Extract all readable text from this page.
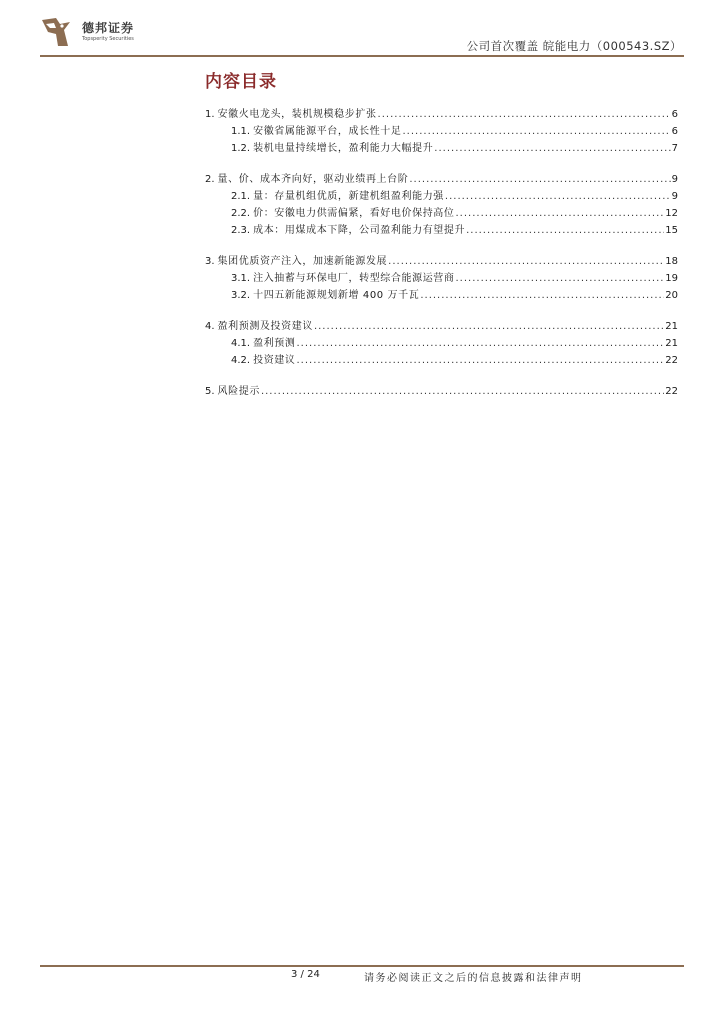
德邦证券
Topsperity Securities	公司首次覆盖 皖能电力（000543.SZ）
内容目录
1. 安徽火电龙头，装机规模稳步扩张 .....	6
1.1. 安徽省属能源平台，成长性十足 .....	6
1.2. 装机电量持续增长，盈利能力大幅提升 .....	7
2. 量、价、成本齐向好，驱动业绩再上台阶 .....	9
2.1. 量：存量机组优质，新建机组盈利能力强 .....	9
2.2. 价：安徽电力供需偏紧，看好电价保持高位 .....	12
2.3. 成本：用煤成本下降，公司盈利能力有望提升 .....	15
3. 集团优质资产注入，加速新能源发展 .....	18
3.1. 注入抽蓄与环保电厂，转型综合能源运营商 .....	19
3.2. 十四五新能源规划新增 400 万千瓦 .....	20
4. 盈利预测及投资建议 .....	21
4.1. 盈利预测 .....	21
4.2. 投资建议 .....	22
5. 风险提示 .....	22
3 / 24	请务必阅读正文之后的信息披露和法律声明
